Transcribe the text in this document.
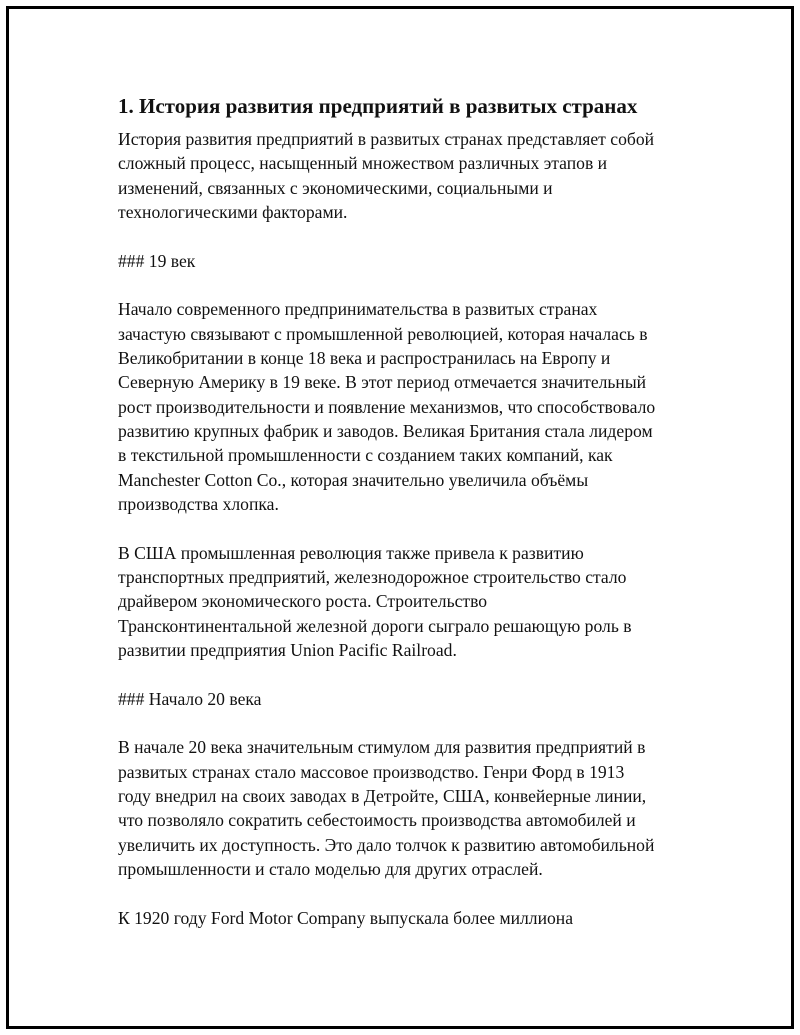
1. История развития предприятий в развитых странах

История развития предприятий в развитых странах представляет собой
сложный процесс, насыщенный множеством различных этапов и
изменений, связанных с экономическими, социальными и
технологическими факторами.

### 19 век

Начало современного предпринимательства в развитых странах
зачастую связывают с промышленной революцией, которая началась в
Великобритании в конце 18 века и распространилась на Европу и
Северную Америку в 19 веке. В этот период отмечается значительный
рост производительности и появление механизмов, что способствовало
развитию крупных фабрик и заводов. Великая Британия стала лидером
в текстильной промышленности с созданием таких компаний, как
Manchester Cotton Co., которая значительно увеличила объёмы
производства хлопка.

В США промышленная революция также привела к развитию
транспортных предприятий, железнодорожное строительство стало
драйвером экономического роста. Строительство
Трансконтинентальной железной дороги сыграло решающую роль в
развитии предприятия Union Pacific Railroad.

### Начало 20 века

В начале 20 века значительным стимулом для развития предприятий в
развитых странах стало массовое производство. Генри Форд в 1913
году внедрил на своих заводах в Детройте, США, конвейерные линии,
что позволяло сократить себестоимость производства автомобилей и
увеличить их доступность. Это дало толчок к развитию автомобильной
промышленности и стало моделью для других отраслей.

К 1920 году Ford Motor Company выпускала более миллиона
